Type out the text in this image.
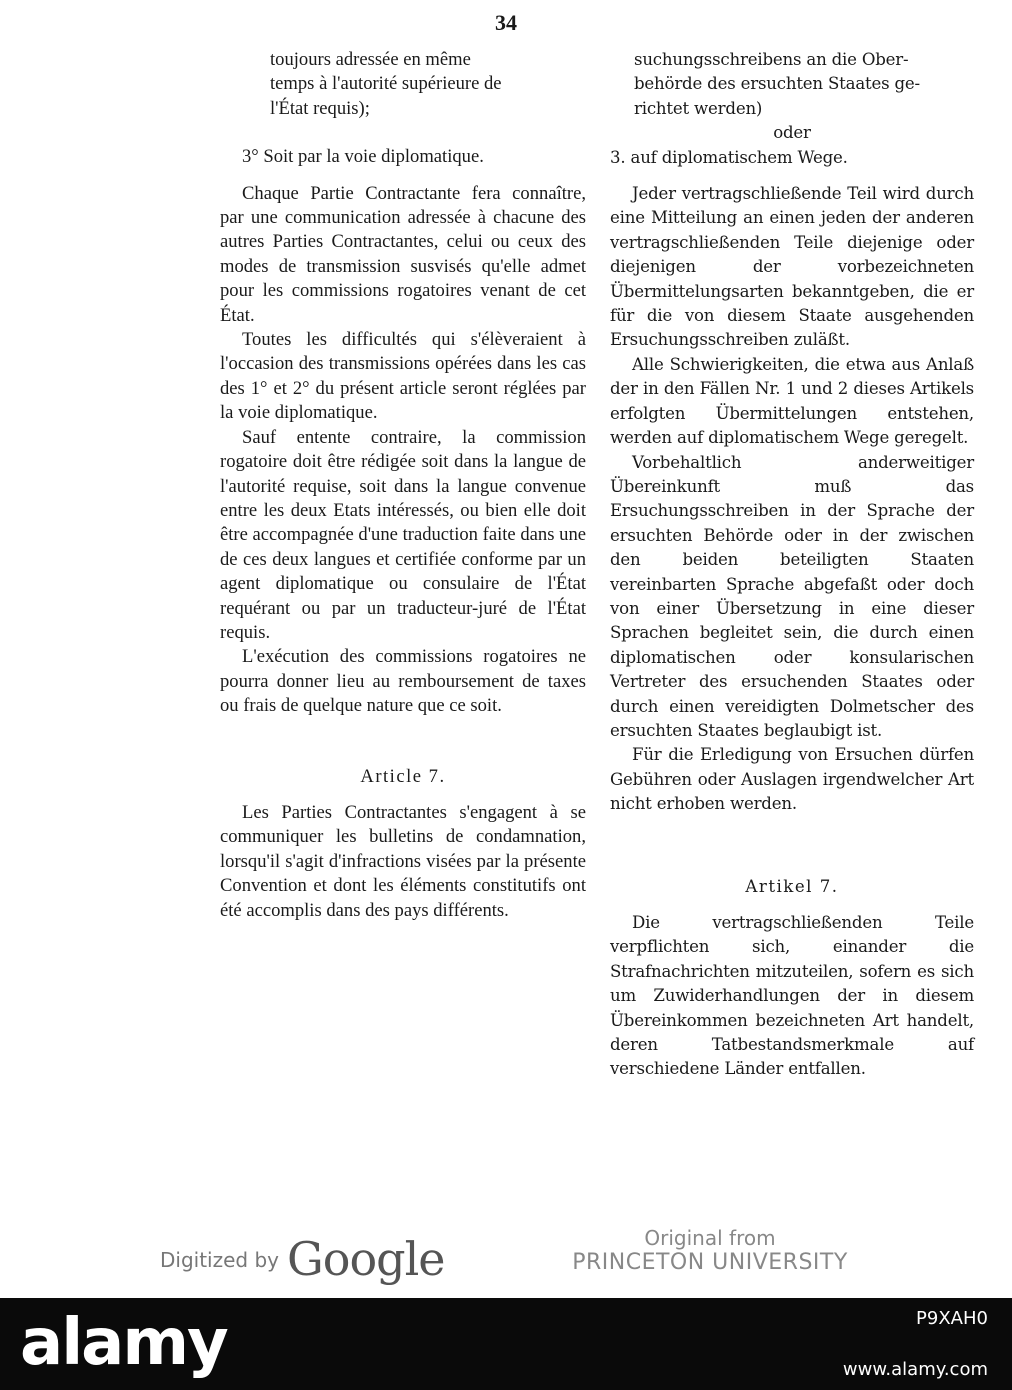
34

toujours adressée en même

temps à l'autorité supérieure de

l'État requis);

3° Soit par la voie diplomatique.

Chaque Partie Contractante fera connaître, par une communication adressée à chacune des autres Parties Contractantes, celui ou ceux des modes de transmission susvisés qu'elle admet pour les commissions rogatoires venant de cet État.

Toutes les difficultés qui s'élèveraient à l'occasion des transmissions opérées dans les cas des 1° et 2° du présent article seront réglées par la voie diplomatique.

Sauf entente contraire, la commission rogatoire doit être rédigée soit dans la langue de l'autorité requise, soit dans la langue convenue entre les deux Etats intéressés, ou bien elle doit être accompagnée d'une traduction faite dans une de ces deux langues et certifiée conforme par un agent diplomatique ou consulaire de l'État requérant ou par un traducteur-juré de l'État requis.

L'exécution des commissions rogatoires ne pourra donner lieu au remboursement de taxes ou frais de quelque nature que ce soit.

Article 7.

Les Parties Contractantes s'engagent à se communiquer les bulletins de condamnation, lorsqu'il s'agit d'infractions visées par la présente Convention et dont les éléments constitutifs ont été accomplis dans des pays différents.

suchungsschreibens an die Ober-

behörde des ersuchten Staates ge-

richtet werden)

oder

3. auf diplomatischem Wege.

Jeder vertragschließende Teil wird durch eine Mitteilung an einen jeden der anderen vertragschließenden Teile diejenige oder diejenigen der vorbezeichneten Übermittelungsarten bekanntgeben, die er für die von diesem Staate ausgehenden Ersuchungsschreiben zuläßt.

Alle Schwierigkeiten, die etwa aus Anlaß der in den Fällen Nr. 1 und 2 dieses Artikels erfolgten Übermittelungen entstehen, werden auf diplomatischem Wege geregelt.

Vorbehaltlich anderweitiger Übereinkunft muß das Ersuchungsschreiben in der Sprache der ersuchten Behörde oder in der zwischen den beiden beteiligten Staaten vereinbarten Sprache abgefaßt oder doch von einer Übersetzung in eine dieser Sprachen begleitet sein, die durch einen diplomatischen oder konsularischen Vertreter des ersuchenden Staates oder durch einen vereidigten Dolmetscher des ersuchten Staates beglaubigt ist.

Für die Erledigung von Ersuchen dürfen Gebühren oder Auslagen irgendwelcher Art nicht erhoben werden.

Artikel 7.

Die vertragschließenden Teile verpflichten sich, einander die Strafnachrichten mitzuteilen, sofern es sich um Zuwiderhandlungen der in diesem Übereinkommen bezeichneten Art handelt, deren Tatbestandsmerkmale auf verschiedene Länder entfallen.

Digitized by Google	Original from
PRINCETON UNIVERSITY
alamy	P9XAH0
www.alamy.com
